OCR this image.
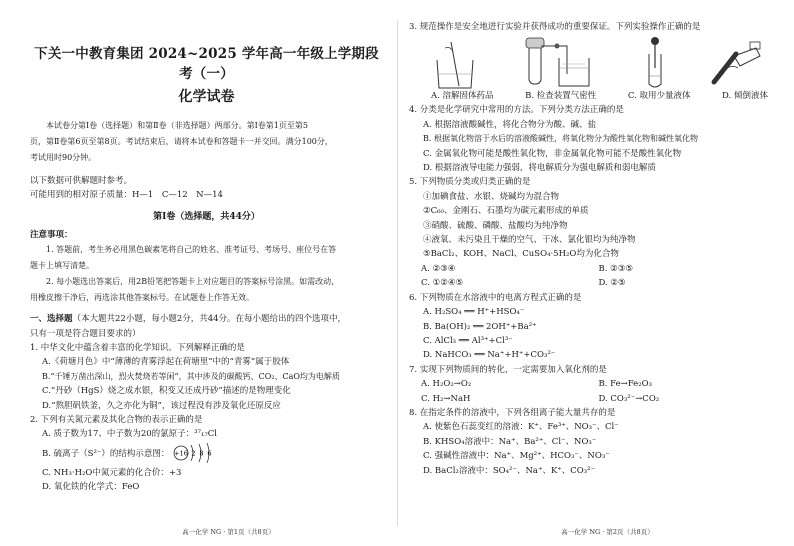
下关一中教育集团 2024~2025 学年高一年级上学期段考（一）
化学试卷
本试卷分第Ⅰ卷（选择题）和第Ⅱ卷（非选择题）两部分。第Ⅰ卷第1页至第5
页，第Ⅱ卷第6页至第8页。考试结束后，请将本试卷和答题卡一并交回。满分100分，
考试用时90分钟。

以下数据可供解题时参考。

可能用到的相对原子质量：H—1　C—12　N—14

第Ⅰ卷（选择题，共44分）

注意事项：

1. 答题前，考生务必用黑色碳素笔将自己的姓名、准考证号、考场号、座位号在答
题卡上填写清楚。
2. 每小题选出答案后，用2B铅笔把答题卡上对应题目的答案标号涂黑。如需改动，
用橡皮擦干净后，再选涂其他答案标号。在试题卷上作答无效。

一、选择题（本大题共22小题，每小题2分，共44分。在每小题给出的四个选项中，

只有一项是符合题目要求的）

1. 中华文化中蕴含着丰富的化学知识。下列解释正确的是

A.《荷塘月色》中“薄薄的青雾浮起在荷塘里”中的“青雾”属于胶体

B.“千锤万凿出深山，烈火焚烧若等闲”，其中涉及的碳酸钙、CO₂、CaO均为电解质

C.“丹砂（HgS）烧之成水银，积变又还成丹砂”描述的是物理变化

D.“熬胆矾铁釜，久之亦化为铜”，该过程没有涉及氧化还原反应

2. 下列有关氮元素及其化合物的表示正确的是

A. 质子数为17、中子数为20的氯原子：³⁷₁₇Cl

B. 硫离子（S²⁻）的结构示意图： +16 2 8 6

C. NH₃·H₂O中氮元素的化合价：+3

D. 氧化铁的化学式：FeO

高一化学 NG · 第1页（共8页）

3. 规范操作是安全地进行实验并获得成功的重要保证。下列实验操作正确的是

A. 溶解固体药品	B. 检查装置气密性	C. 取用少量液体	D. 倾倒液体

4. 分类是化学研究中常用的方法。下列分类方法正确的是

A. 根据溶液酸碱性，将化合物分为酸、碱、盐

B. 根据氧化物溶于水后的溶液酸碱性，将氧化物分为酸性氧化物和碱性氧化物

C. 金属氧化物可能是酸性氧化物，非金属氧化物可能不是酸性氧化物

D. 根据溶液导电能力强弱，将电解质分为强电解质和弱电解质

5. 下列物质分类或归类正确的是

①加碘食盐、水银、烧碱均为混合物

②C₆₀、金刚石、石墨均为碳元素形成的单质

③硝酸、硫酸、磷酸、盐酸均为纯净物

④液氧、未污染且干燥的空气、干冰、氯化银均为纯净物

⑤BaCl₂、KOH、NaCl、CuSO₄·5H₂O均为化合物

A. ②③④	B. ②③⑤
C. ①②④⑤	D. ②⑤

6. 下列物质在水溶液中的电离方程式正确的是

A. H₂SO₄ ══ H⁺+HSO₄⁻

B. Ba(OH)₂ ══ 2OH⁺+Ba²⁺

C. AlCl₃ ══ Al³⁺+Cl³⁻

D. NaHCO₃ ══ Na⁺+H⁺+CO₃²⁻

7. 实现下列物质间的转化，一定需要加入氧化剂的是

A. H₂O₂→O₂	B. Fe→Fe₂O₃
C. H₂→NaH	D. CO₃²⁻→CO₂

8. 在指定条件的溶液中，下列各组离子能大量共存的是

A. 使紫色石蕊变红的溶液：K⁺、Fe³⁺、NO₃⁻、Cl⁻

B. KHSO₄溶液中：Na⁺、Ba²⁺、Cl⁻、NO₃⁻

C. 强碱性溶液中：Na⁺、Mg²⁺、HCO₃⁻、NO₃⁻

D. BaCl₂溶液中：SO₄²⁻、Na⁺、K⁺、CO₃²⁻

高一化学 NG · 第2页（共8页）
